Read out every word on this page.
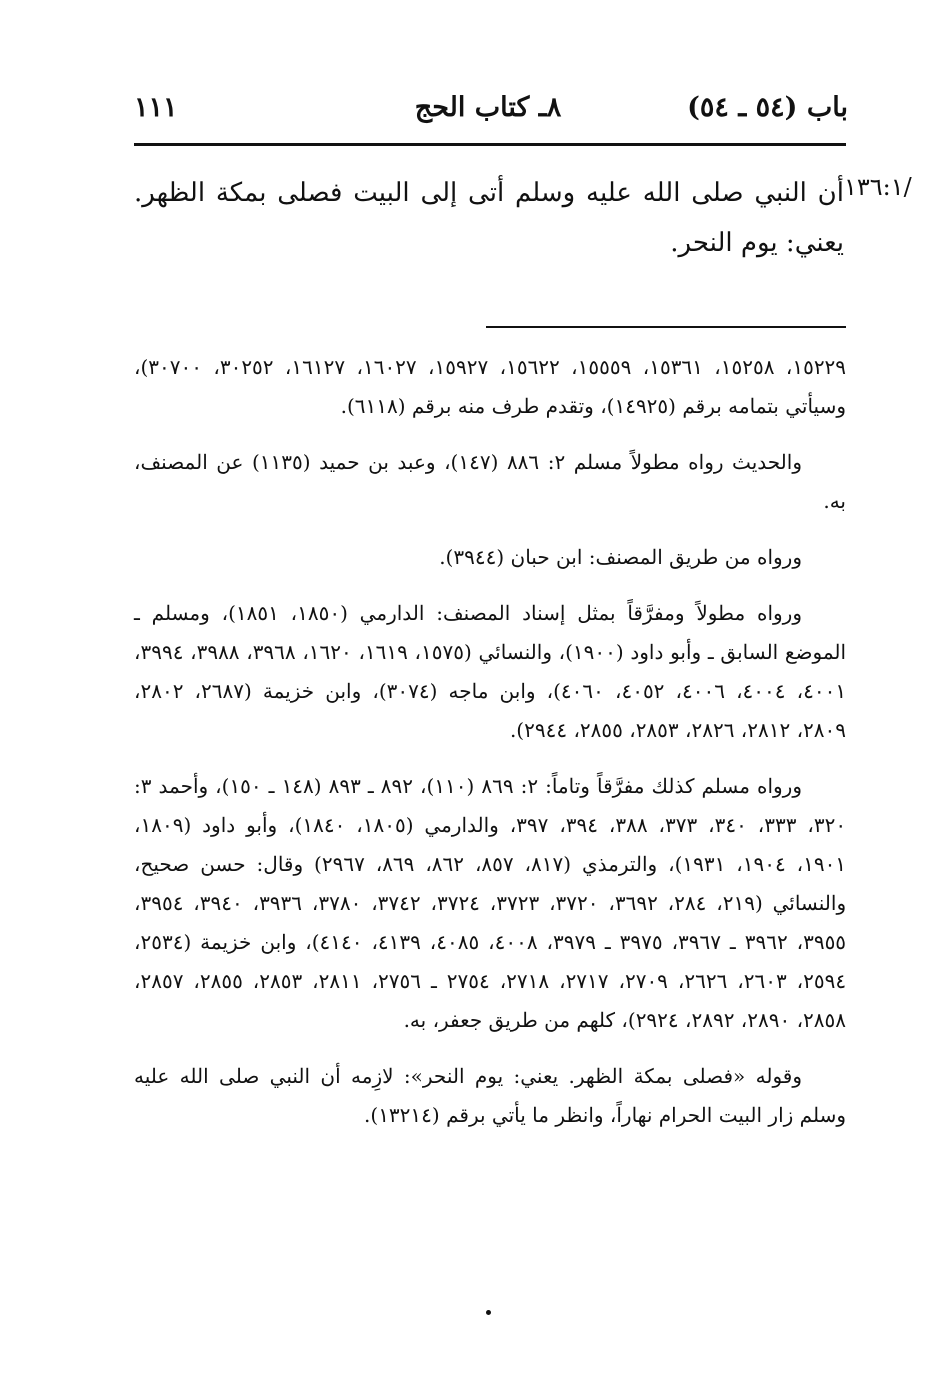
باب (٥٤ ـ ٥٤)
٨ـ كتاب الحج
١١١
١٣٦:١/
أن النبي صلى الله عليه وسلم أتى إلى البيت فصلى بمكة الظهر. يعني: يوم النحر.

١٥٢٢٩، ١٥٢٥٨، ١٥٣٦١، ١٥٥٥٩، ١٥٦٢٢، ١٥٩٢٧، ١٦٠٢٧، ١٦١٢٧، ٣٠٢٥٢، ٣٠٧٠٠)، وسيأتي بتمامه برقم (١٤٩٢٥)، وتقدم طرف منه برقم (٦١١٨).

والحديث رواه مطولاً مسلم ٢: ٨٨٦ (١٤٧)، وعبد بن حميد (١١٣٥) عن المصنف، به.

ورواه من طريق المصنف: ابن حبان (٣٩٤٤).

ورواه مطولاً ومفرَّقاً بمثل إسناد المصنف: الدارمي (١٨٥٠، ١٨٥١)، ومسلم ـ الموضع السابق ـ وأبو داود (١٩٠٠)، والنسائي (١٥٧٥، ١٦١٩، ١٦٢٠، ٣٩٦٨، ٣٩٨٨، ٣٩٩٤، ٤٠٠١، ٤٠٠٤، ٤٠٠٦، ٤٠٥٢، ٤٠٦٠)، وابن ماجه (٣٠٧٤)، وابن خزيمة (٢٦٨٧، ٢٨٠٢، ٢٨٠٩، ٢٨١٢، ٢٨٢٦، ٢٨٥٣، ٢٨٥٥، ٢٩٤٤).

ورواه مسلم كذلك مفرَّقاً وتاماً: ٢: ٨٦٩ (١١٠)، ٨٩٢ ـ ٨٩٣ (١٤٨ ـ ١٥٠)، وأحمد ٣: ٣٢٠، ٣٣٣، ٣٤٠، ٣٧٣، ٣٨٨، ٣٩٤، ٣٩٧، والدارمي (١٨٠٥، ١٨٤٠)، وأبو داود (١٨٠٩، ١٩٠١، ١٩٠٤، ١٩٣١)، والترمذي (٨١٧، ٨٥٧، ٨٦٢، ٨٦٩، ٢٩٦٧) وقال: حسن صحيح، والنسائي (٢١٩، ٢٨٤، ٣٦٩٢، ٣٧٢٠، ٣٧٢٣، ٣٧٢٤، ٣٧٤٢، ٣٧٨٠، ٣٩٣٦، ٣٩٤٠، ٣٩٥٤، ٣٩٥٥، ٣٩٦٢ ـ ٣٩٦٧، ٣٩٧٥ ـ ٣٩٧٩، ٤٠٠٨، ٤٠٨٥، ٤١٣٩، ٤١٤٠)، وابن خزيمة (٢٥٣٤، ٢٥٩٤، ٢٦٠٣، ٢٦٢٦، ٢٧٠٩، ٢٧١٧، ٢٧١٨، ٢٧٥٤ ـ ٢٧٥٦، ٢٨١١، ٢٨٥٣، ٢٨٥٥، ٢٨٥٧، ٢٨٥٨، ٢٨٩٠، ٢٨٩٢، ٢٩٢٤)، كلهم من طريق جعفر، به.

وقوله «فصلى بمكة الظهر. يعني: يوم النحر»: لازِمه أن النبي صلى الله عليه وسلم زار البيت الحرام نهاراً، وانظر ما يأتي برقم (١٣٢١٤).
